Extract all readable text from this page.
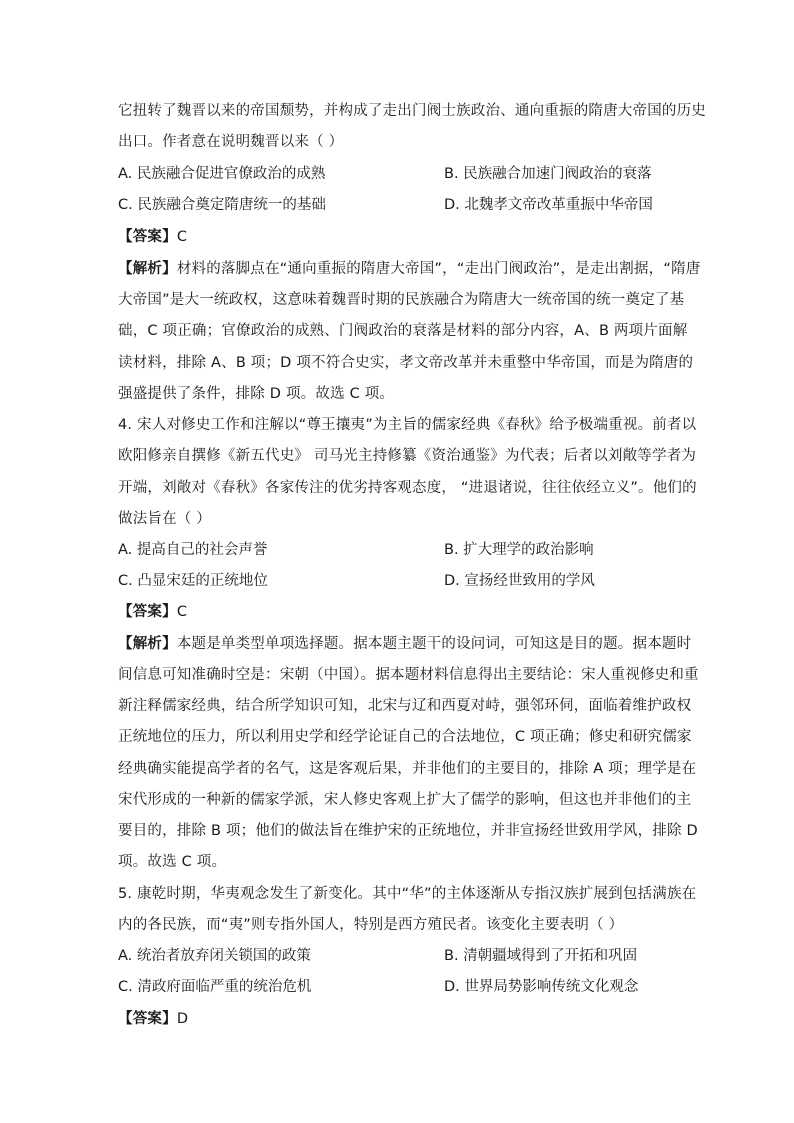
它扭转了魏晋以来的帝国颓势，并构成了走出门阀士族政治、通向重振的隋唐大帝国的历史
出口。作者意在说明魏晋以来（ ）
A. 民族融合促进官僚政治的成熟	B. 民族融合加速门阀政治的衰落
C. 民族融合奠定隋唐统一的基础	D. 北魏孝文帝改革重振中华帝国
【答案】C
【解析】材料的落脚点在“通向重振的隋唐大帝国”，“走出门阀政治”，是走出割据，“隋唐
大帝国”是大一统政权，这意味着魏晋时期的民族融合为隋唐大一统帝国的统一奠定了基
础，C 项正确；官僚政治的成熟、门阀政治的衰落是材料的部分内容，A、B 两项片面解
读材料，排除 A、B 项；D 项不符合史实，孝文帝改革并未重整中华帝国，而是为隋唐的
强盛提供了条件，排除 D 项。故选 C 项。
4. 宋人对修史工作和注解以“尊王攘夷”为主旨的儒家经典《春秋》给予极端重视。前者以
欧阳修亲自撰修《新五代史》 司马光主持修纂《资治通鉴》为代表；后者以刘敞等学者为
开端，刘敞对《春秋》各家传注的优劣持客观态度， “进退诸说，往往依经立义”。他们的
做法旨在（ ）
A. 提高自己的社会声誉	B. 扩大理学的政治影响
C. 凸显宋廷的正统地位	D. 宣扬经世致用的学风
【答案】C
【解析】本题是单类型单项选择题。据本题主题干的设问词，可知这是目的题。据本题时
间信息可知准确时空是：宋朝（中国）。据本题材料信息得出主要结论：宋人重视修史和重
新注释儒家经典，结合所学知识可知，北宋与辽和西夏对峙，强邻环伺，面临着维护政权
正统地位的压力，所以利用史学和经学论证自己的合法地位，C 项正确；修史和研究儒家
经典确实能提高学者的名气，这是客观后果，并非他们的主要目的，排除 A 项；理学是在
宋代形成的一种新的儒家学派，宋人修史客观上扩大了儒学的影响，但这也并非他们的主
要目的，排除 B 项；他们的做法旨在维护宋的正统地位，并非宣扬经世致用学风，排除 D
项。故选 C 项。
5. 康乾时期，华夷观念发生了新变化。其中“华”的主体逐渐从专指汉族扩展到包括满族在
内的各民族，而“夷”则专指外国人，特别是西方殖民者。该变化主要表明（ ）
A. 统治者放弃闭关锁国的政策	B. 清朝疆域得到了开拓和巩固
C. 清政府面临严重的统治危机	D. 世界局势影响传统文化观念
【答案】D
